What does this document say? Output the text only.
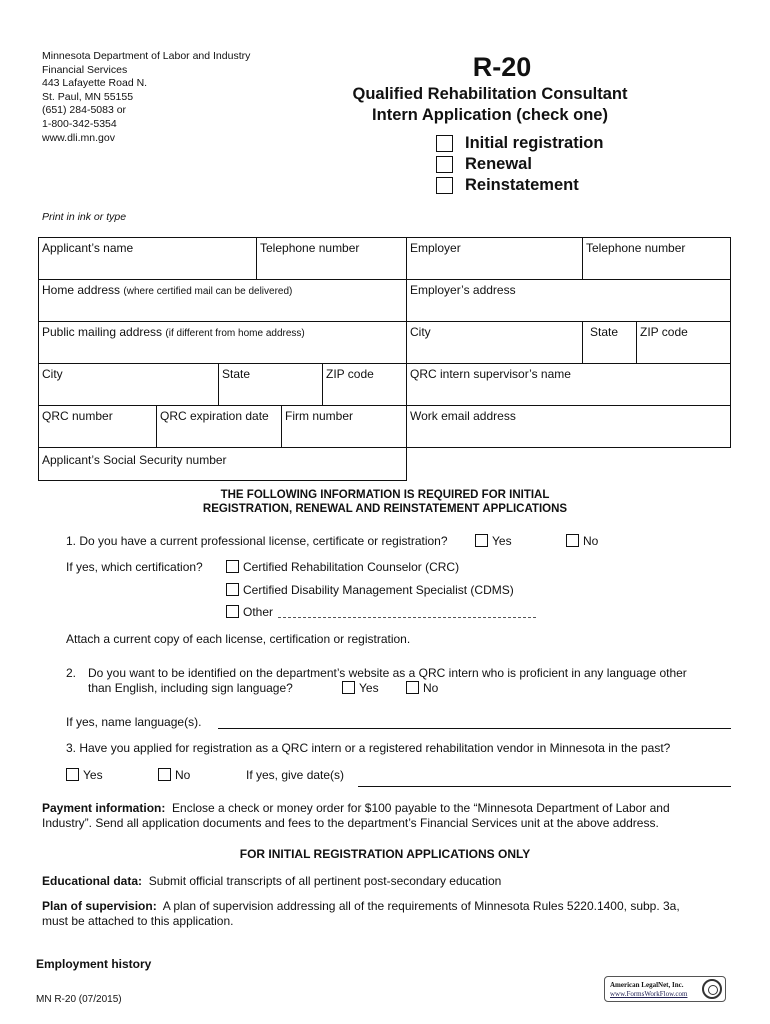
Minnesota Department of Labor and Industry
Financial Services
443 Lafayette Road N.
St. Paul, MN 55155
(651) 284-5083 or
1-800-342-5354
www.dli.mn.gov
R-20
Qualified Rehabilitation Consultant
Intern Application (check one)
Initial registration
Renewal
Reinstatement
Print in ink or type
Applicant’s name	Telephone number	Employer	Telephone number
Home address (where certified mail can be delivered)	Employer’s address
Public mailing address (if different from home address)	City	State	ZIP code
City	State	ZIP code	QRC intern supervisor’s name
QRC number	QRC expiration date	Firm number	Work email address
Applicant’s Social Security number
THE FOLLOWING INFORMATION IS REQUIRED FOR INITIAL
REGISTRATION, RENEWAL AND REINSTATEMENT APPLICATIONS
1. Do you have a current professional license, certificate or registration?	Yes	No
If yes, which certification?	Certified Rehabilitation Counselor (CRC)
Certified Disability Management Specialist (CDMS)
Other
Attach a current copy of each license, certification or registration.
2. Do you want to be identified on the department’s website as a QRC intern who is proficient in any language other
than English, including sign language?	Yes	No
If yes, name language(s).
3. Have you applied for registration as a QRC intern or a registered rehabilitation vendor in Minnesota in the past?
Yes	No	If yes, give date(s)
Payment information: Enclose a check or money order for $100 payable to the “Minnesota Department of Labor and
Industry”. Send all application documents and fees to the department’s Financial Services unit at the above address.
FOR INITIAL REGISTRATION APPLICATIONS ONLY
Educational data: Submit official transcripts of all pertinent post-secondary education
Plan of supervision: A plan of supervision addressing all of the requirements of Minnesota Rules 5220.1400, subp. 3a,
must be attached to this application.
Employment history
MN R-20 (07/2015)
American LegalNet, Inc.
www.FormsWorkFlow.com
